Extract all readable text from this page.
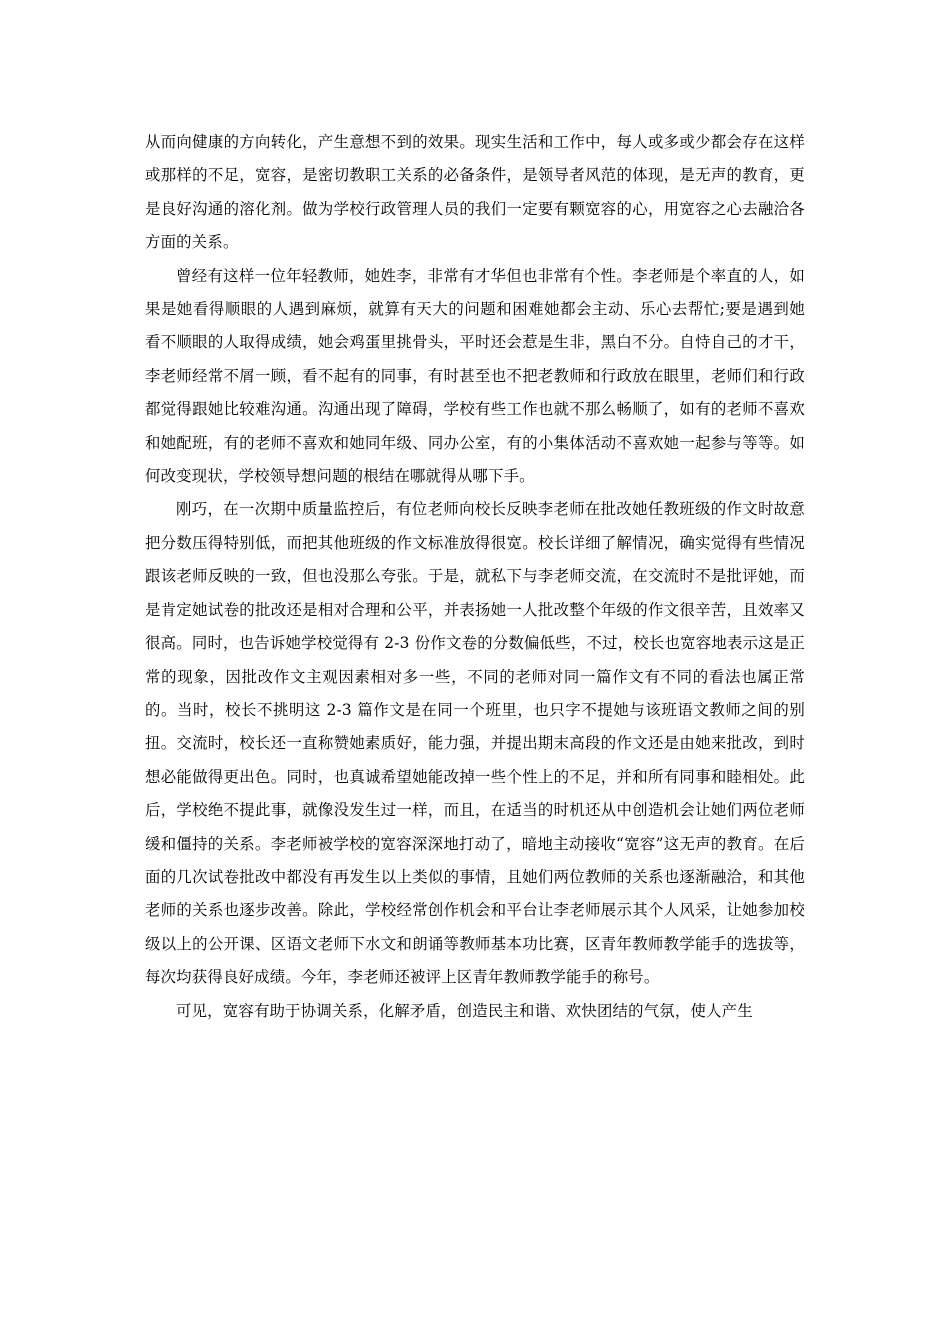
从而向健康的方向转化，产生意想不到的效果。现实生活和工作中，每人或多或少都会存在这样或那样的不足，宽容，是密切教职工关系的必备条件，是领导者风范的体现，是无声的教育，更是良好沟通的溶化剂。做为学校行政管理人员的我们一定要有颗宽容的心，用宽容之心去融洽各方面的关系。

曾经有这样一位年轻教师，她姓李，非常有才华但也非常有个性。李老师是个率直的人，如果是她看得顺眼的人遇到麻烦，就算有天大的问题和困难她都会主动、乐心去帮忙;要是遇到她看不顺眼的人取得成绩，她会鸡蛋里挑骨头，平时还会惹是生非，黑白不分。自恃自己的才干，李老师经常不屑一顾，看不起有的同事，有时甚至也不把老教师和行政放在眼里，老师们和行政都觉得跟她比较难沟通。沟通出现了障碍，学校有些工作也就不那么畅顺了，如有的老师不喜欢和她配班，有的老师不喜欢和她同年级、同办公室，有的小集体活动不喜欢她一起参与等等。如何改变现状，学校领导想问题的根结在哪就得从哪下手。

刚巧，在一次期中质量监控后，有位老师向校长反映李老师在批改她任教班级的作文时故意把分数压得特别低，而把其他班级的作文标准放得很宽。校长详细了解情况，确实觉得有些情况跟该老师反映的一致，但也没那么夸张。于是，就私下与李老师交流，在交流时不是批评她，而是肯定她试卷的批改还是相对合理和公平，并表扬她一人批改整个年级的作文很辛苦，且效率又很高。同时，也告诉她学校觉得有 2-3 份作文卷的分数偏低些，不过，校长也宽容地表示这是正常的现象，因批改作文主观因素相对多一些，不同的老师对同一篇作文有不同的看法也属正常的。当时，校长不挑明这 2-3 篇作文是在同一个班里，也只字不提她与该班语文教师之间的别扭。交流时，校长还一直称赞她素质好，能力强，并提出期末高段的作文还是由她来批改，到时想必能做得更出色。同时，也真诚希望她能改掉一些个性上的不足，并和所有同事和睦相处。此后，学校绝不提此事，就像没发生过一样，而且，在适当的时机还从中创造机会让她们两位老师缓和僵持的关系。李老师被学校的宽容深深地打动了，暗地主动接收“宽容”这无声的教育。在后面的几次试卷批改中都没有再发生以上类似的事情，且她们两位教师的关系也逐渐融洽，和其他老师的关系也逐步改善。除此，学校经常创作机会和平台让李老师展示其个人风采，让她参加校级以上的公开课、区语文老师下水文和朗诵等教师基本功比赛，区青年教师教学能手的选拔等，每次均获得良好成绩。今年，李老师还被评上区青年教师教学能手的称号。

可见，宽容有助于协调关系，化解矛盾，创造民主和谐、欢快团结的气氛，使人产生
